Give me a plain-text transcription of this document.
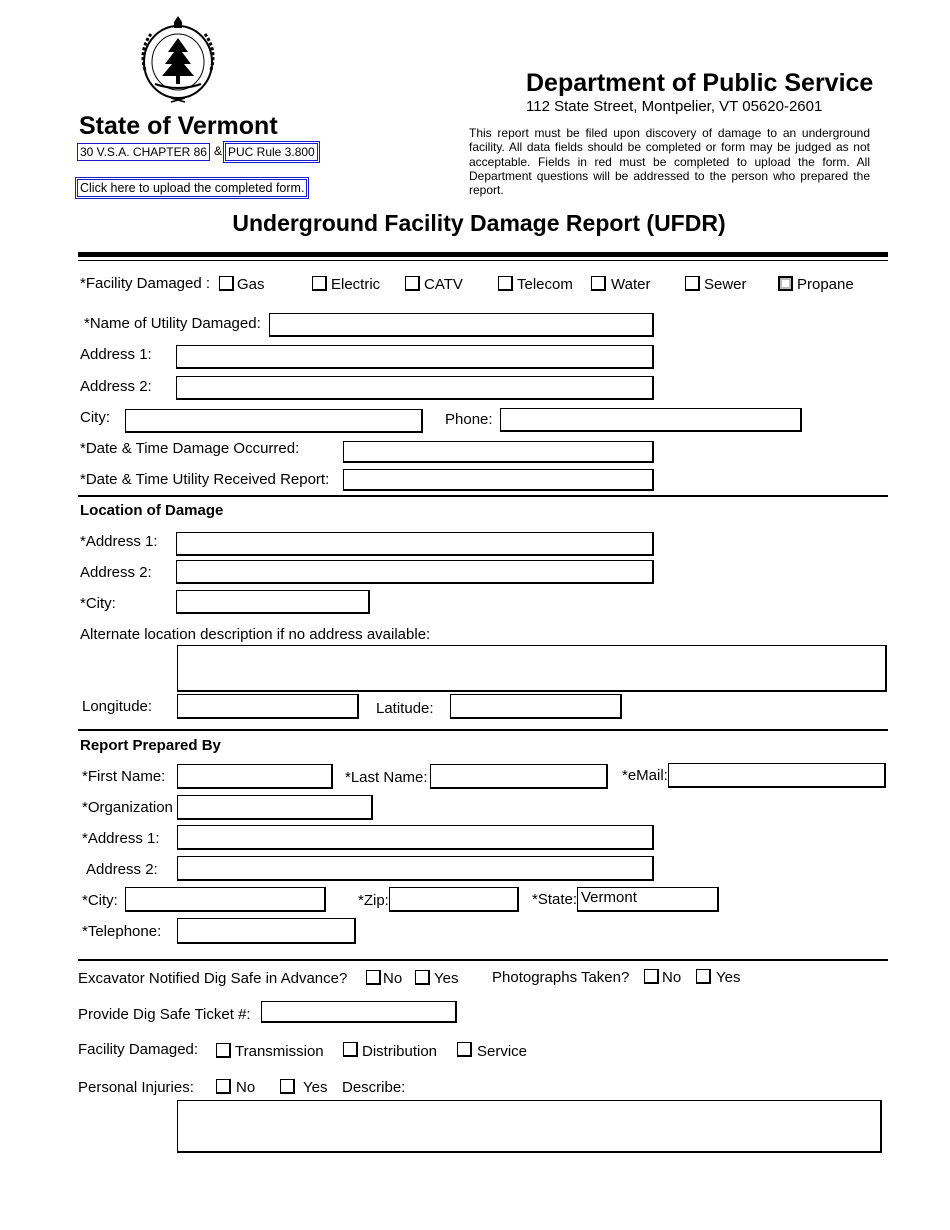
State of Vermont
30 V.S.A. CHAPTER 86 & PUC Rule 3.800
Click here to upload the completed form.
Department of Public Service
112 State Street, Montpelier, VT 05620-2601
This report must be filed upon discovery of damage to an underground facility. All data fields should be completed or form may be judged as not acceptable. Fields in red must be completed to upload the form. All Department questions will be addressed to the person who prepared the report.
Underground Facility Damage Report (UFDR)
*Facility Damaged : Gas	Electric	CATV	Telecom	Water	Sewer	Propane
*Name of Utility Damaged:
Address 1:
Address 2:
City:	Phone:
*Date & Time Damage Occurred:
*Date & Time Utility Received Report:
Location of Damage
*Address 1:
Address 2:
*City:
Alternate location description if no address available:
Longitude:	Latitude:
Report Prepared By
*First Name:	*Last Name:	*eMail:
*Organization
*Address 1:
Address 2:
*City:	*Zip:	*State: Vermont
*Telephone:
Excavator Notified Dig Safe in Advance? No Yes Photographs Taken? No Yes
Provide Dig Safe Ticket #:
Facility Damaged: Transmission	Distribution	Service
Personal Injuries:	No	Yes Describe:
